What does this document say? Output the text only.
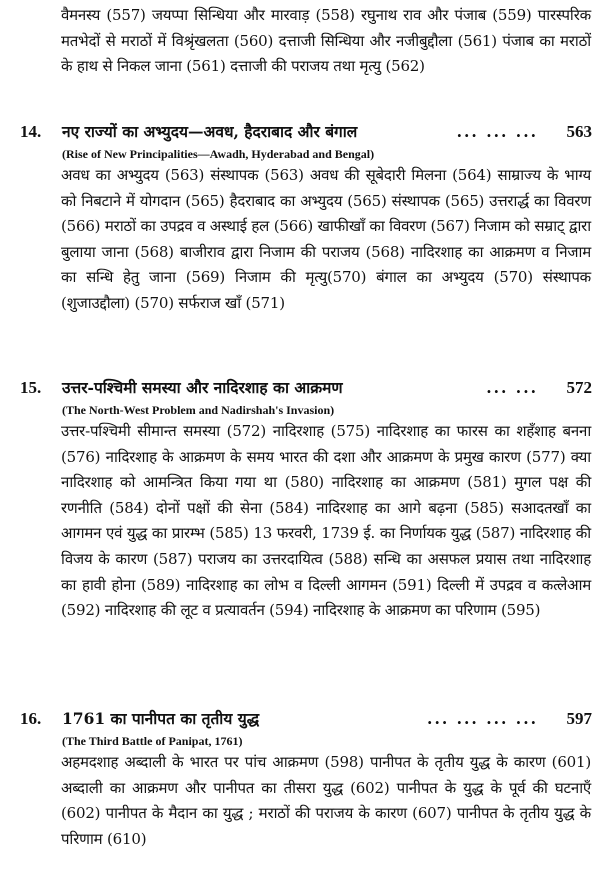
वैमनस्य (557) जयप्पा सिन्धिया और मारवाड़ (558) रघुनाथ राव और पंजाब (559) पारस्परिक मतभेदों से मराठों में विश्रृंखलता (560) दत्ताजी सिन्धिया और नजीबुद्दौला (561) पंजाब का मराठों के हाथ से निकल जाना (561) दत्ताजी की पराजय तथा मृत्यु (562)
14.	नए राज्यों का अभ्युदय—अवध, हैदराबाद और बंगाल	... ... ... 563
(Rise of New Principalities—Awadh, Hyderabad and Bengal)
अवध का अभ्युदय (563) संस्थापक (563) अवध की सूबेदारी मिलना (564) साम्राज्य के भाग्य को निबटाने में योगदान (565) हैदराबाद का अभ्युदय (565) संस्थापक (565) उत्तरार्द्ध का विवरण (566) मराठों का उपद्रव व अस्थाई हल (566) खाफीखाँ का विवरण (567) निजाम को सम्राट् द्वारा बुलाया जाना (568) बाजीराव द्वारा निजाम की पराजय (568) नादिरशाह का आक्रमण व निजाम का सन्धि हेतु जाना (569) निजाम की मृत्यु(570) बंगाल का अभ्युदय (570) संस्थापक (शुजाउद्दौला) (570) सर्फराज खाँ (571)
15.	उत्तर-पश्चिमी समस्या और नादिरशाह का आक्रमण	... ... 572
(The North-West Problem and Nadirshah's Invasion)
उत्तर-पश्चिमी सीमान्त समस्या (572) नादिरशाह (575) नादिरशाह का फारस का शहँशाह बनना (576) नादिरशाह के आक्रमण के समय भारत की दशा और आक्रमण के प्रमुख कारण (577) क्या नादिरशाह को आमन्त्रित किया गया था (580) नादिरशाह का आक्रमण (581) मुगल पक्ष की रणनीति (584) दोनों पक्षों की सेना (584) नादिरशाह का आगे बढ़ना (585) सआदतखाँ का आगमन एवं युद्ध का प्रारम्भ (585) 13 फरवरी, 1739 ई. का निर्णायक युद्ध (587) नादिरशाह की विजय के कारण (587) पराजय का उत्तरदायित्व (588) सन्धि का असफल प्रयास तथा नादिरशाह का हावी होना (589) नादिरशाह का लोभ व दिल्ली आगमन (591) दिल्ली में उपद्रव व कत्लेआम (592) नादिरशाह की लूट व प्रत्यावर्तन (594) नादिरशाह के आक्रमण का परिणाम (595)
16.	1761 का पानीपत का तृतीय युद्ध	... ... ... ... 597
(The Third Battle of Panipat, 1761)
अहमदशाह अब्दाली के भारत पर पांच आक्रमण (598) पानीपत के तृतीय युद्ध के कारण (601) अब्दाली का आक्रमण और पानीपत का तीसरा युद्ध (602) पानीपत के युद्ध के पूर्व की घटनाएँ (602) पानीपत के मैदान का युद्ध ; मराठों की पराजय के कारण (607) पानीपत के तृतीय युद्ध के परिणाम (610)
